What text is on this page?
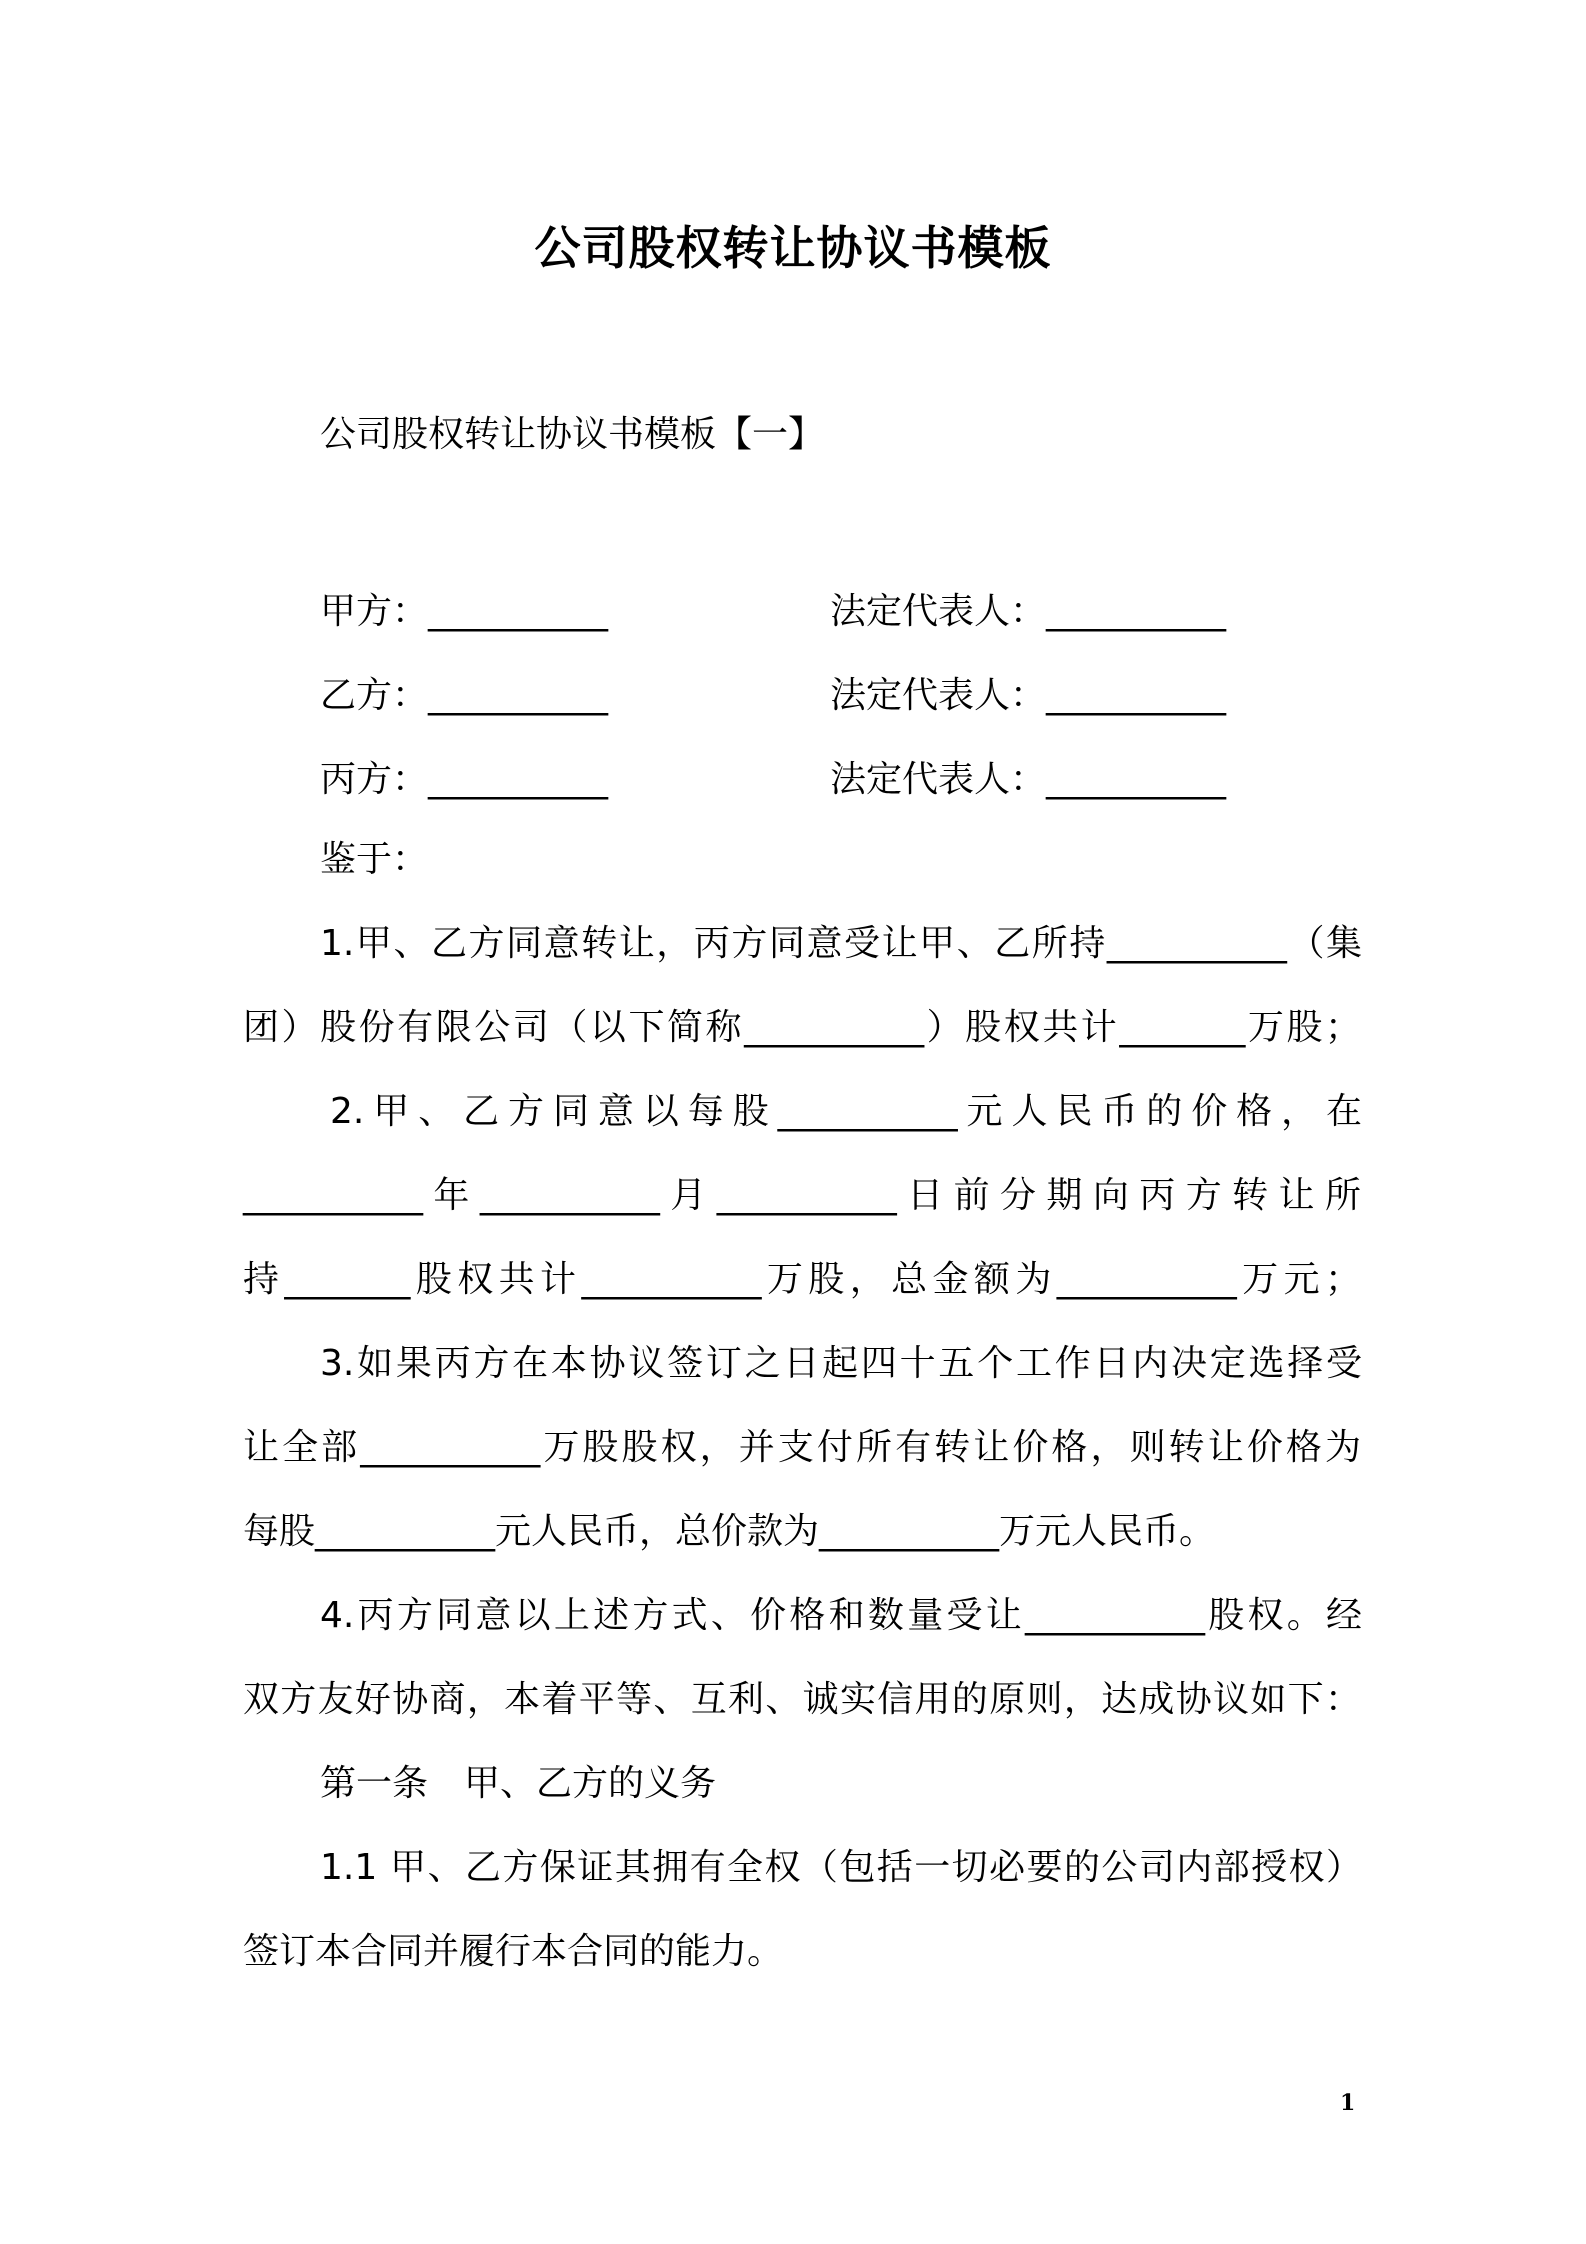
公司股权转让协议书模板
公司股权转让协议书模板【一】
甲方：__________	法定代表人：__________
乙方：__________	法定代表人：__________
丙方：__________	法定代表人：__________
鉴于：
1.甲、乙方同意转让，丙方同意受让甲、乙所持__________（集
团）股份有限公司（以下简称__________）股权共计_______万股；
2.甲、乙方同意以每股__________元人民币的价格，在
__________年__________月__________日前分期向丙方转让所
持_______股权共计__________万股，总金额为__________万元；
3.如果丙方在本协议签订之日起四十五个工作日内决定选择受
让全部__________万股股权，并支付所有转让价格，则转让价格为
每股__________元人民币，总价款为__________万元人民币。
4.丙方同意以上述方式、价格和数量受让__________股权。经
双方友好协商，本着平等、互利、诚实信用的原则，达成协议如下：
第一条　甲、乙方的义务
1.1 甲、乙方保证其拥有全权（包括一切必要的公司内部授权）
签订本合同并履行本合同的能力。
1
